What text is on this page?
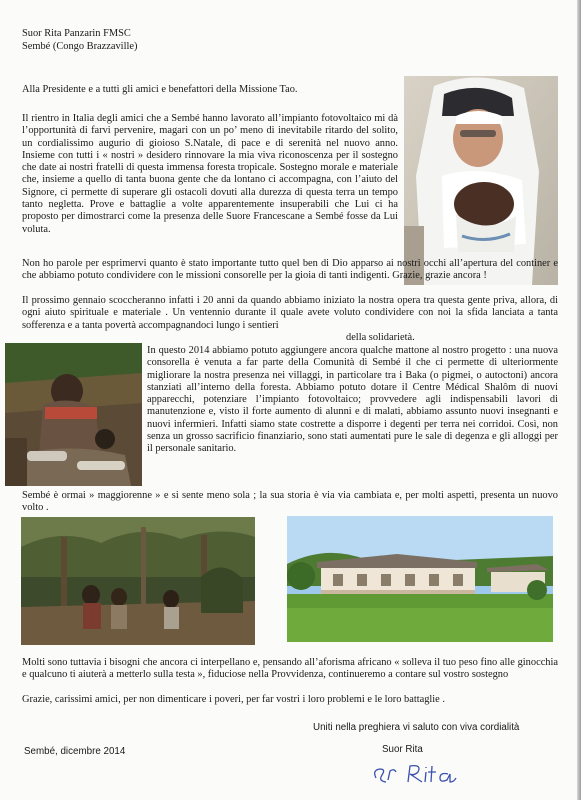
Suor Rita Panzarin FMSC
Sembé (Congo Brazzaville)
Alla Presidente e a tutti gli amici e benefattori della Missione Tao.
Il rientro in Italia degli amici che a Sembé hanno lavorato all’impianto fotovoltaico mi dà l’opportunità di farvi pervenire, magari con un po’ meno di inevitabile ritardo del solito, un cordialissimo augurio di gioioso S.Natale, di pace e di serenità nel nuovo anno. Insieme con tutti i « nostri » desidero rinnovare la mia viva riconoscenza per il sostegno che date ai nostri fratelli di questa immensa foresta tropicale. Sostegno morale e materiale che, insieme a quello di tanta buona gente che da lontano ci accompagna, con l’aiuto del Signore, ci permette di superare gli ostacoli dovuti alla durezza di questa terra un tempo tanto negletta. Prove e battaglie a volte apparentemente insuperabili che Lui ci ha proposto per dimostrarci come la presenza delle Suore Francescane a Sembé fosse da Lui voluta.
Non ho parole per esprimervi quanto è stato importante tutto quel ben di Dio apparso ai nostri occhi all’apertura del continer e che abbiamo potuto condividere con le missioni consorelle per la gioia di tanti indigenti. Grazie, grazie ancora !
Il prossimo gennaio scoccheranno infatti i 20 anni da quando abbiamo iniziato la nostra opera tra questa gente priva, allora, di ogni aiuto spirituale e materiale . Un ventennio durante il quale avete voluto condividere con noi la sfida lanciata a tanta sofferenza e a tanta povertà accompagnandoci lungo i sentieri
della solidarietà.
In questo 2014 abbiamo potuto aggiungere ancora qualche mattone al nostro progetto : una nuova consorella è venuta a far parte della Comunità di Sembé il che ci permette di ulteriormente migliorare la nostra presenza nei villaggi, in particolare tra i Baka (o pigmei, o autoctoni) ancora stanziati all’interno della foresta. Abbiamo potuto dotare il Centre Médical Shalôm di nuovi apparecchi, potenziare l’impianto fotovoltaico; provvedere agli indispensabili lavori di manutenzione e, visto il forte aumento di alunni e di malati, abbiamo assunto nuovi insegnanti e nuovi infermieri. Infatti siamo state costrette a disporre i degenti per terra nei corridoi. Così, non senza un grosso sacrificio finanziario, sono stati aumentati pure le sale di degenza e gli alloggi per il personale sanitario.
Sembé è ormai » maggiorenne » e si sente meno sola ; la sua storia è via via cambiata e, per molti aspetti, presenta un nuovo volto .
Molti sono tuttavia i bisogni che ancora ci interpellano e, pensando all’aforisma africano « solleva il tuo peso fino alle ginocchia e qualcuno ti aiuterà a metterlo sulla testa », fiduciose nella Provvidenza, continueremo a contare sul vostro sostegno
Grazie, carissimi amici, per non dimenticare i poveri, per far vostri i loro problemi e le loro battaglie .
Uniti nella preghiera vi saluto con viva cordialità
Sembé, dicembre 2014	Suor Rita
